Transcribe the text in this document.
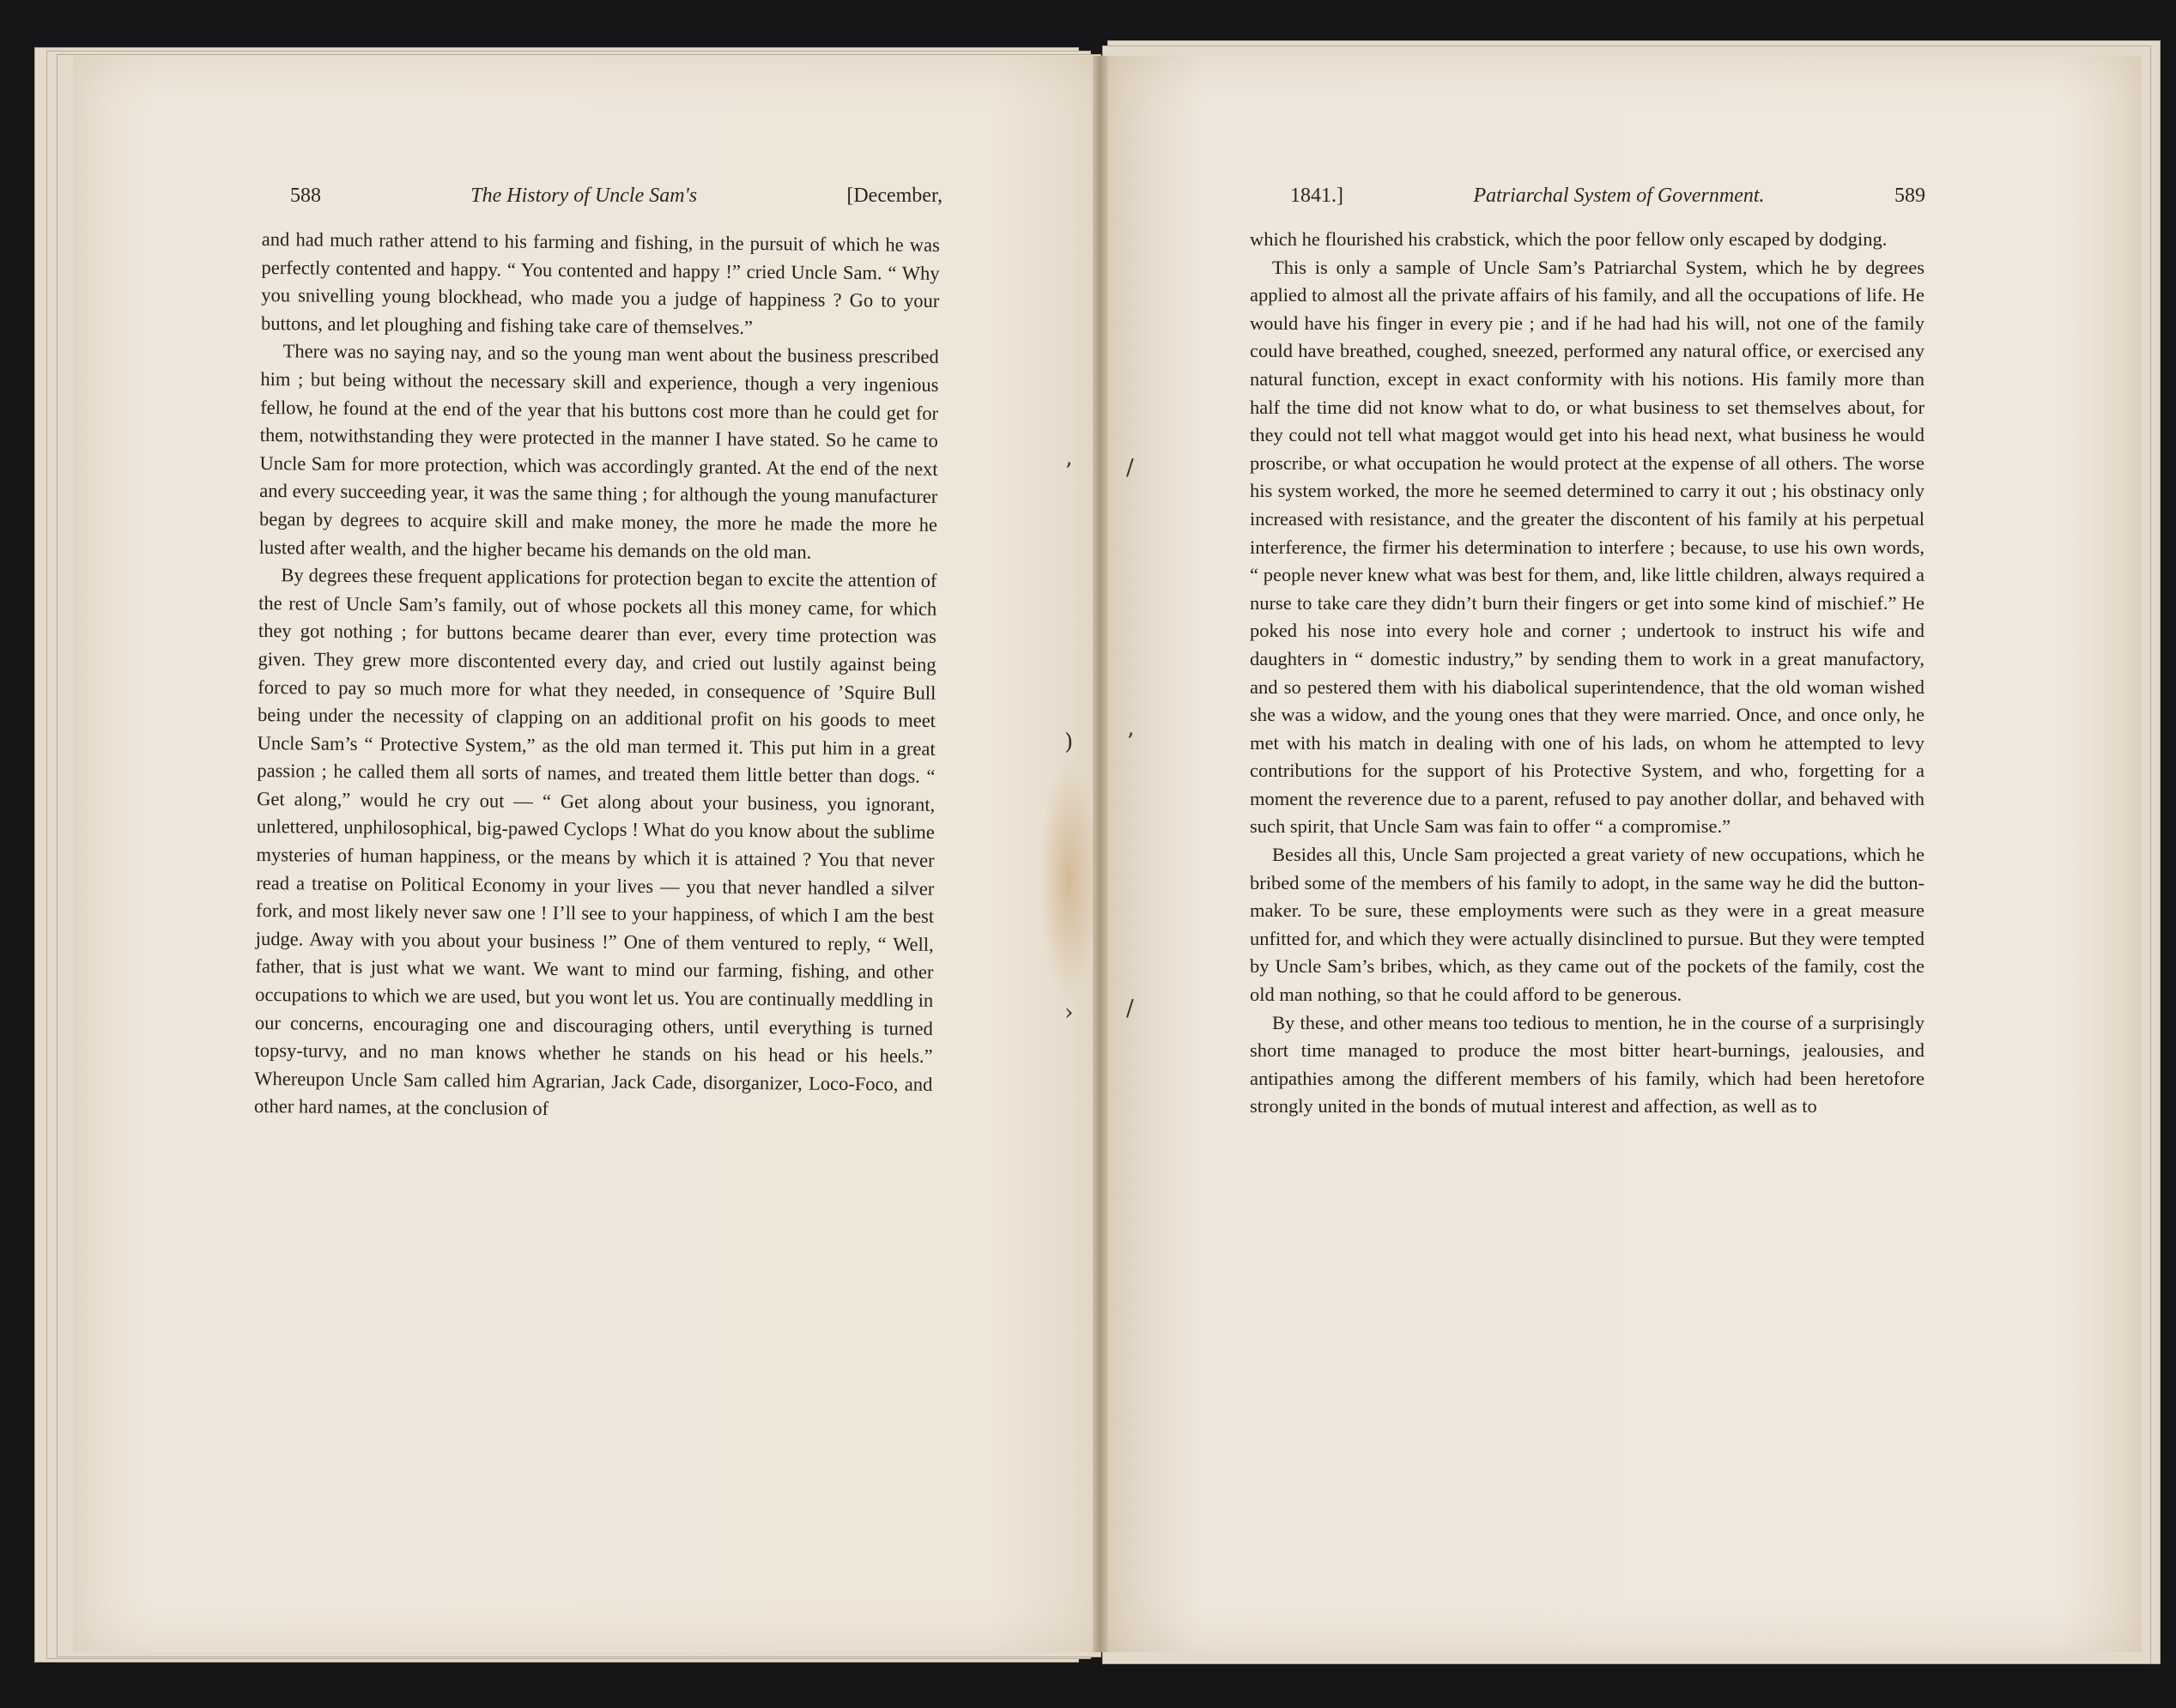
ʼ /
) ʼ
› /
588	The History of Uncle Sam's	[December,	1841.]	Patriarchal System of Government.	589

and had much rather attend to his farming and fishing, in the pursuit of which he was perfectly contented and happy. “ You contented and happy !” cried Uncle Sam. “ Why you snivelling young blockhead, who made you a judge of happiness ? Go to your buttons, and let ploughing and fishing take care of themselves.”

There was no saying nay, and so the young man went about the business prescribed him ; but being without the necessary skill and experience, though a very ingenious fellow, he found at the end of the year that his buttons cost more than he could get for them, notwithstanding they were protected in the manner I have stated. So he came to Uncle Sam for more protection, which was accordingly granted. At the end of the next and every succeeding year, it was the same thing ; for although the young manufacturer began by degrees to acquire skill and make money, the more he made the more he lusted after wealth, and the higher became his demands on the old man.

By degrees these frequent applications for protection began to excite the attention of the rest of Uncle Sam’s family, out of whose pockets all this money came, for which they got nothing ; for buttons became dearer than ever, every time protection was given. They grew more discontented every day, and cried out lustily against being forced to pay so much more for what they needed, in consequence of ’Squire Bull being under the necessity of clapping on an additional profit on his goods to meet Uncle Sam’s “ Protective System,” as the old man termed it. This put him in a great passion ; he called them all sorts of names, and treated them little better than dogs. “ Get along,” would he cry out — “ Get along about your business, you ignorant, unlettered, unphilosophical, big-pawed Cyclops ! What do you know about the sublime mysteries of human happiness, or the means by which it is attained ? You that never read a treatise on Political Economy in your lives — you that never handled a silver fork, and most likely never saw one ! I’ll see to your happiness, of which I am the best judge. Away with you about your business !” One of them ventured to reply, “ Well, father, that is just what we want. We want to mind our farming, fishing, and other occupations to which we are used, but you wont let us. You are continually meddling in our concerns, encouraging one and discouraging others, until everything is turned topsy-turvy, and no man knows whether he stands on his head or his heels.” Whereupon Uncle Sam called him Agrarian, Jack Cade, disorganizer, Loco-Foco, and other hard names, at the conclusion of

which he flourished his crabstick, which the poor fellow only escaped by dodging.

This is only a sample of Uncle Sam’s Patriarchal System, which he by degrees applied to almost all the private affairs of his family, and all the occupations of life. He would have his finger in every pie ; and if he had had his will, not one of the family could have breathed, coughed, sneezed, performed any natural office, or exercised any natural function, except in exact conformity with his notions. His family more than half the time did not know what to do, or what business to set themselves about, for they could not tell what maggot would get into his head next, what business he would proscribe, or what occupation he would protect at the expense of all others. The worse his system worked, the more he seemed determined to carry it out ; his obstinacy only increased with resistance, and the greater the discontent of his family at his perpetual interference, the firmer his determination to interfere ; because, to use his own words, “ people never knew what was best for them, and, like little children, always required a nurse to take care they didn’t burn their fingers or get into some kind of mischief.” He poked his nose into every hole and corner ; undertook to instruct his wife and daughters in “ domestic industry,” by sending them to work in a great manufactory, and so pestered them with his diabolical superintendence, that the old woman wished she was a widow, and the young ones that they were married. Once, and once only, he met with his match in dealing with one of his lads, on whom he attempted to levy contributions for the support of his Protective System, and who, forgetting for a moment the reverence due to a parent, refused to pay another dollar, and behaved with such spirit, that Uncle Sam was fain to offer “ a compromise.”

Besides all this, Uncle Sam projected a great variety of new occupations, which he bribed some of the members of his family to adopt, in the same way he did the button-maker. To be sure, these employments were such as they were in a great measure unfitted for, and which they were actually disinclined to pursue. But they were tempted by Uncle Sam’s bribes, which, as they came out of the pockets of the family, cost the old man nothing, so that he could afford to be generous.

By these, and other means too tedious to mention, he in the course of a surprisingly short time managed to produce the most bitter heart-burnings, jealousies, and antipathies among the different members of his family, which had been heretofore strongly united in the bonds of mutual interest and affection, as well as to
